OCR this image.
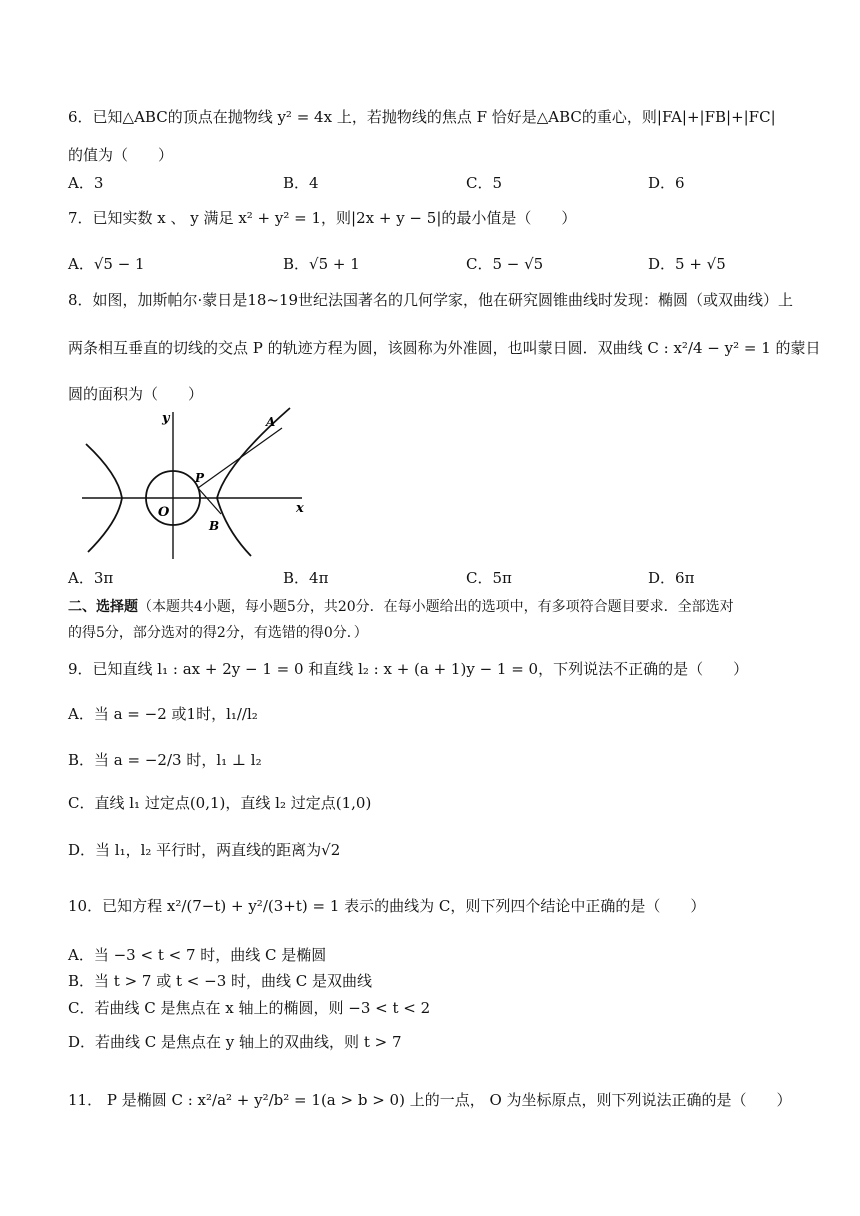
6．已知△ABC的顶点在抛物线 y² = 4x 上，若抛物线的焦点 F 恰好是△ABC的重心，则|FA|+|FB|+|FC|
的值为（　　）
A．3	B．4	C．5	D．6
7．已知实数 x 、 y 满足 x² + y² = 1，则|2x + y − 5|的最小值是（　　）
A．√5 − 1	B．√5 + 1	C．5 − √5	D．5 + √5
8．如图，加斯帕尔·蒙日是18~19世纪法国著名的几何学家，他在研究圆锥曲线时发现：椭圆（或双曲线）上
两条相互垂直的切线的交点 P 的轨迹方程为圆，该圆称为外准圆，也叫蒙日圆．双曲线 C : x²/4 − y² = 1 的蒙日
圆的面积为（　　）
y
x
O
P
A
B
A．3π	B．4π	C．5π	D．6π
二、选择题（本题共4小题，每小题5分，共20分．在每小题给出的选项中，有多项符合题目要求．全部选对
的得5分，部分选对的得2分，有选错的得0分．）
9．已知直线 l₁ : ax + 2y − 1 = 0 和直线 l₂ : x + (a + 1)y − 1 = 0，下列说法不正确的是（　　）
A．当 a = −2 或1时，l₁//l₂
B．当 a = −2/3 时，l₁ ⊥ l₂
C．直线 l₁ 过定点(0,1)，直线 l₂ 过定点(1,0)
D．当 l₁，l₂ 平行时，两直线的距离为√2
10．已知方程 x²/(7−t) + y²/(3+t) = 1 表示的曲线为 C，则下列四个结论中正确的是（　　）
A．当 −3 < t < 7 时，曲线 C 是椭圆
B．当 t > 7 或 t < −3 时，曲线 C 是双曲线
C．若曲线 C 是焦点在 x 轴上的椭圆，则 −3 < t < 2
D．若曲线 C 是焦点在 y 轴上的双曲线，则 t > 7
11． P 是椭圆 C : x²/a² + y²/b² = 1(a > b > 0) 上的一点， O 为坐标原点，则下列说法正确的是（　　）
